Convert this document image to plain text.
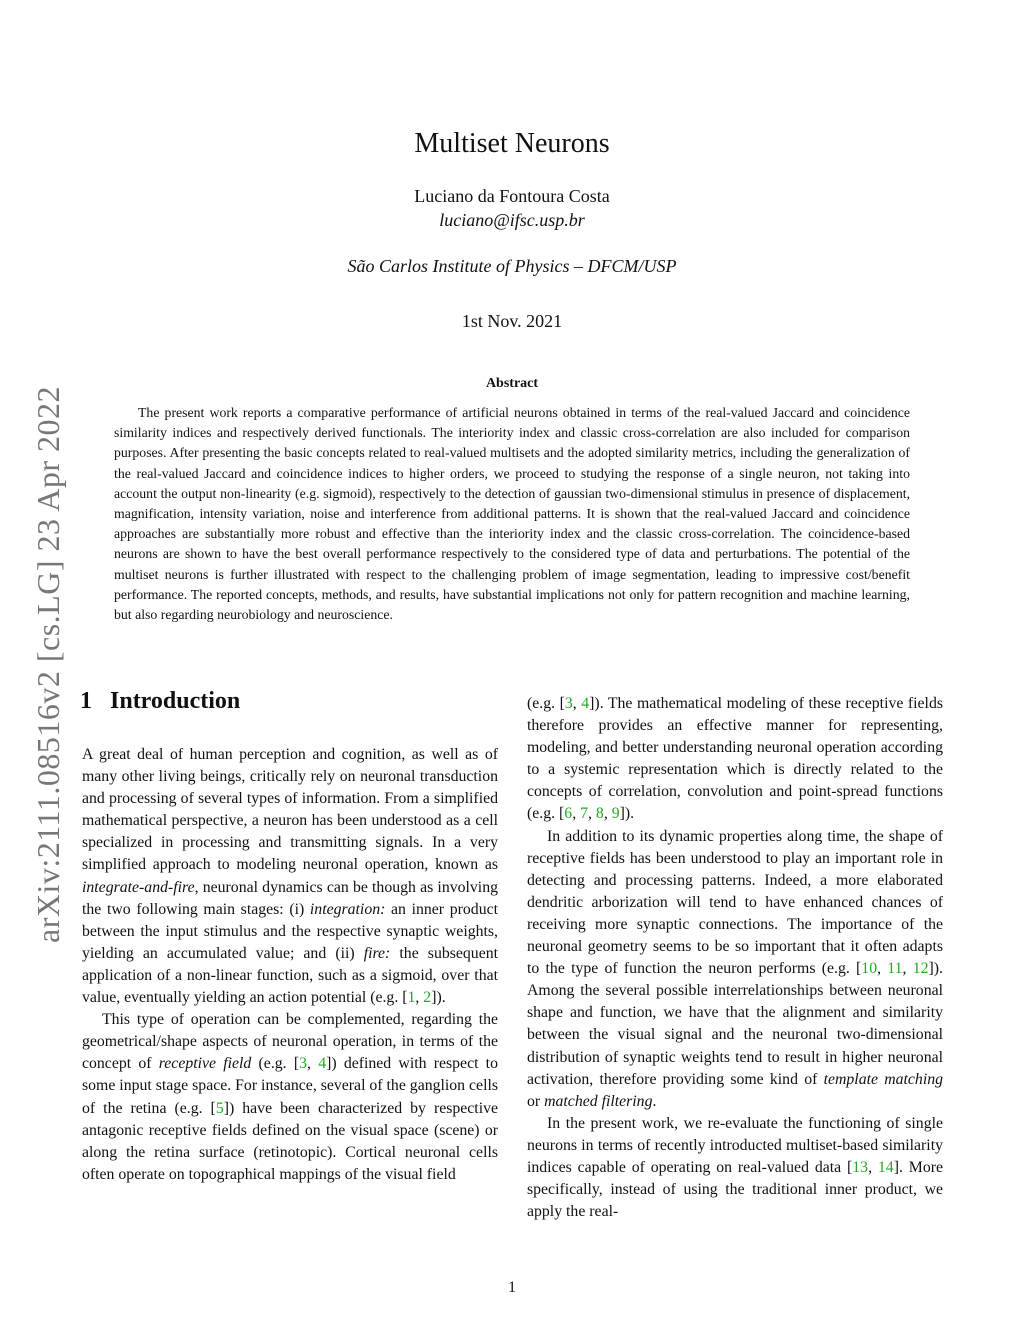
arXiv:2111.08516v2 [cs.LG] 23 Apr 2022
Multiset Neurons
Luciano da Fontoura Costa
luciano@ifsc.usp.br
São Carlos Institute of Physics – DFCM/USP
1st Nov. 2021
Abstract

The present work reports a comparative performance of artificial neurons obtained in terms of the real-valued Jaccard and coincidence similarity indices and respectively derived functionals. The interiority index and classic cross-correlation are also included for comparison purposes. After presenting the basic concepts related to real-valued multisets and the adopted similarity metrics, including the generalization of the real-valued Jaccard and coincidence indices to higher orders, we proceed to studying the response of a single neuron, not taking into account the output non-linearity (e.g. sigmoid), respectively to the detection of gaussian two-dimensional stimulus in presence of displacement, magnification, intensity variation, noise and interference from additional patterns. It is shown that the real-valued Jaccard and coincidence approaches are substantially more robust and effective than the interiority index and the classic cross-correlation. The coincidence-based neurons are shown to have the best overall performance respectively to the considered type of data and perturbations. The potential of the multiset neurons is further illustrated with respect to the challenging problem of image segmentation, leading to impressive cost/benefit performance. The reported concepts, methods, and results, have substantial implications not only for pattern recognition and machine learning, but also regarding neurobiology and neuroscience.

1 Introduction

A great deal of human perception and cognition, as well as of many other living beings, critically rely on neuronal transduction and processing of several types of information. From a simplified mathematical perspective, a neuron has been understood as a cell specialized in processing and transmitting signals. In a very simplified approach to modeling neuronal operation, known as integrate-and-fire, neuronal dynamics can be though as involving the two following main stages: (i) integration: an inner product between the input stimulus and the respective synaptic weights, yielding an accumulated value; and (ii) fire: the subsequent application of a non-linear function, such as a sigmoid, over that value, eventually yielding an action potential (e.g. [1, 2]).

This type of operation can be complemented, regarding the geometrical/shape aspects of neuronal operation, in terms of the concept of receptive field (e.g. [3, 4]) defined with respect to some input stage space. For instance, several of the ganglion cells of the retina (e.g. [5]) have been characterized by respective antagonic receptive fields defined on the visual space (scene) or along the retina surface (retinotopic). Cortical neuronal cells often operate on topographical mappings of the visual field

(e.g. [3, 4]). The mathematical modeling of these receptive fields therefore provides an effective manner for representing, modeling, and better understanding neuronal operation according to a systemic representation which is directly related to the concepts of correlation, convolution and point-spread functions (e.g. [6, 7, 8, 9]).

In addition to its dynamic properties along time, the shape of receptive fields has been understood to play an important role in detecting and processing patterns. Indeed, a more elaborated dendritic arborization will tend to have enhanced chances of receiving more synaptic connections. The importance of the neuronal geometry seems to be so important that it often adapts to the type of function the neuron performs (e.g. [10, 11, 12]). Among the several possible interrelationships between neuronal shape and function, we have that the alignment and similarity between the visual signal and the neuronal two-dimensional distribution of synaptic weights tend to result in higher neuronal activation, therefore providing some kind of template matching or matched filtering.

In the present work, we re-evaluate the functioning of single neurons in terms of recently introducted multiset-based similarity indices capable of operating on real-valued data [13, 14]. More specifically, instead of using the traditional inner product, we apply the real-

1
